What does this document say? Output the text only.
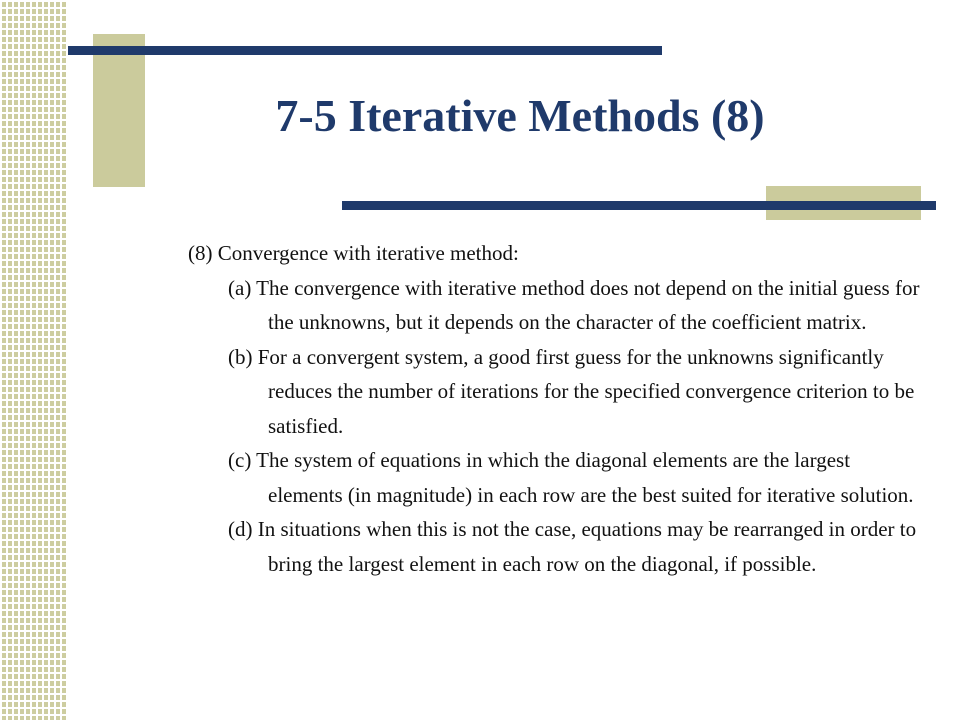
7-5 Iterative Methods (8)

(8) Convergence with iterative method:

(a) The convergence with iterative method does not depend on the initial guess for the unknowns, but it depends on the character of the coefficient matrix.

(b) For a convergent system, a good first guess for the unknowns significantly reduces the number of iterations for the specified convergence criterion to be satisfied.

(c) The system of equations in which the diagonal elements are the largest elements (in magnitude) in each row are the best suited for iterative solution.

(d) In situations when this is not the case, equations may be rearranged in order to bring the largest element in each row on the diagonal, if possible.
